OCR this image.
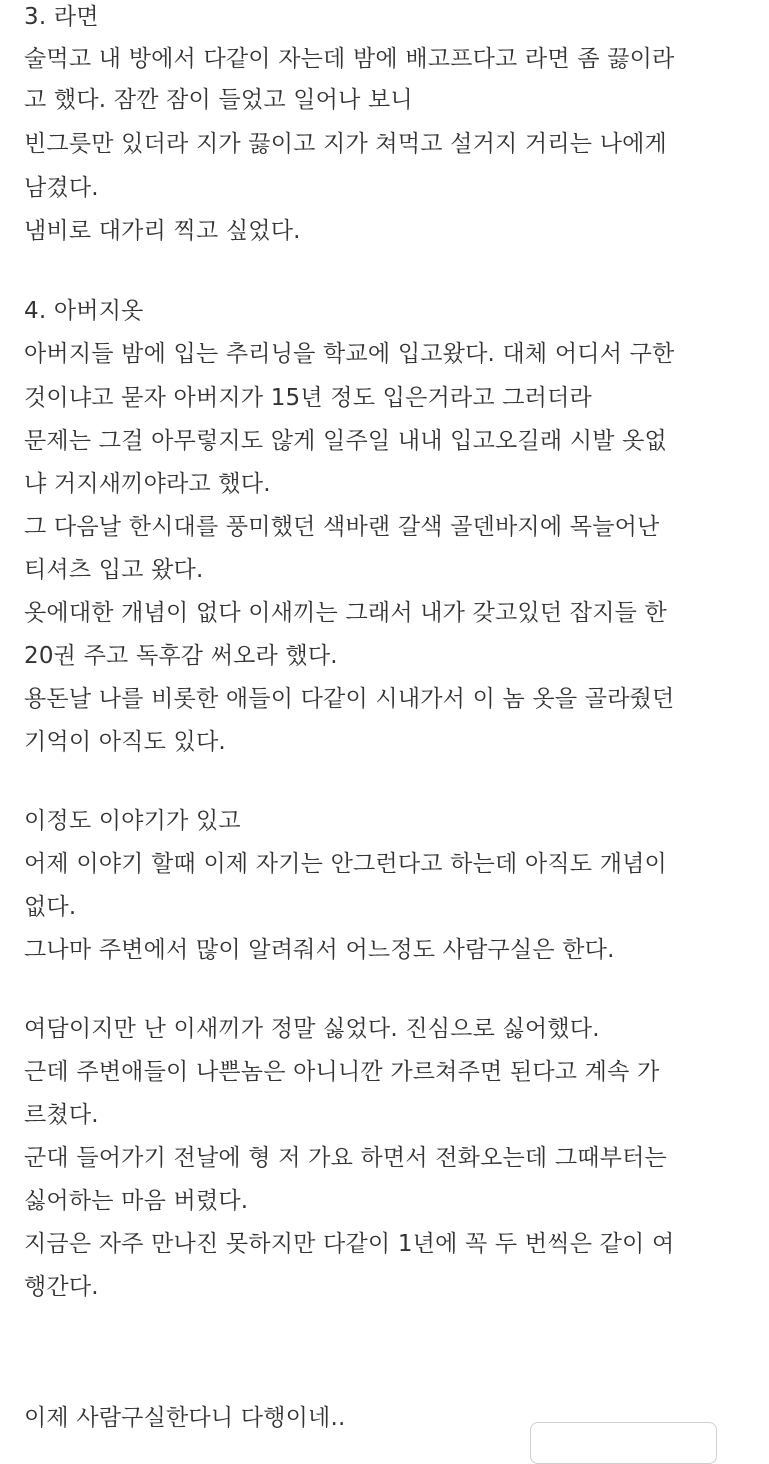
3. 라면
술먹고 내 방에서 다같이 자는데 밤에 배고프다고 라면 좀 끓이라
고 했다. 잠깐 잠이 들었고 일어나 보니
빈그릇만 있더라 지가 끓이고 지가 쳐먹고 설거지 거리는 나에게
남겼다.
냄비로 대가리 찍고 싶었다.
4. 아버지옷
아버지들 밤에 입는 추리닝을 학교에 입고왔다. 대체 어디서 구한
것이냐고 묻자 아버지가 15년 정도 입은거라고 그러더라
문제는 그걸 아무렇지도 않게 일주일 내내 입고오길래 시발 옷없
냐 거지새끼야라고 했다.
그 다음날 한시대를 풍미했던 색바랜 갈색 골덴바지에 목늘어난
티셔츠 입고 왔다.
옷에대한 개념이 없다 이새끼는 그래서 내가 갖고있던 잡지들 한
20권 주고 독후감 써오라 했다.
용돈날 나를 비롯한 애들이 다같이 시내가서 이 놈 옷을 골라줬던
기억이 아직도 있다.
이정도 이야기가 있고
어제 이야기 할때 이제 자기는 안그런다고 하는데 아직도 개념이
없다.
그나마 주변에서 많이 알려줘서 어느정도 사람구실은 한다.
여담이지만 난 이새끼가 정말 싫었다. 진심으로 싫어했다.
근데 주변애들이 나쁜놈은 아니니깐 가르쳐주면 된다고 계속 가
르쳤다.
군대 들어가기 전날에 형 저 가요 하면서 전화오는데 그때부터는
싫어하는 마음 버렸다.
지금은 자주 만나진 못하지만 다같이 1년에 꼭 두 번씩은 같이 여
행간다.
이제 사람구실한다니 다행이네..
